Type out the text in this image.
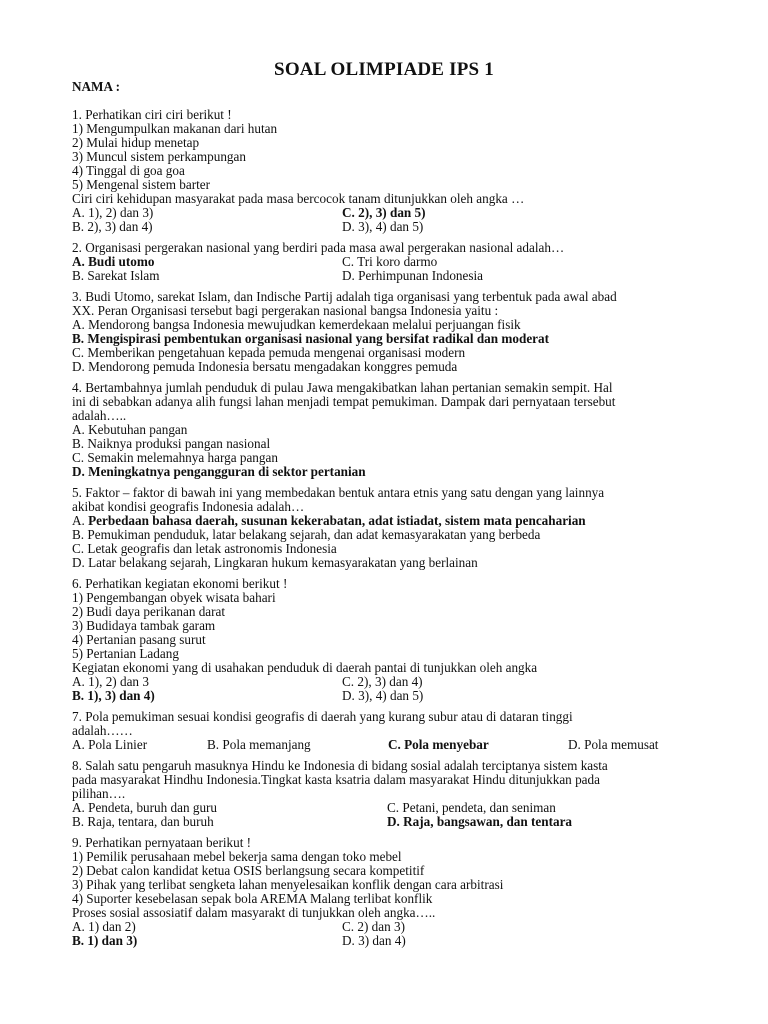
SOAL OLIMPIADE IPS 1
NAMA :
1. Perhatikan ciri ciri berikut !
1) Mengumpulkan makanan dari hutan
2) Mulai hidup menetap
3) Muncul sistem perkampungan
4) Tinggal di goa goa
5) Mengenal sistem barter
Ciri ciri kehidupan masyarakat pada masa bercocok tanam ditunjukkan oleh angka …
A. 1), 2) dan 3)	C. 2), 3) dan 5)
B. 2), 3) dan 4)	D. 3), 4) dan 5)
2. Organisasi pergerakan nasional yang berdiri pada masa awal pergerakan nasional adalah…
A. Budi utomo	C. Tri koro darmo
B. Sarekat Islam	D. Perhimpunan Indonesia
3. Budi Utomo, sarekat Islam, dan Indische Partij adalah tiga organisasi yang terbentuk pada awal abad
XX. Peran Organisasi tersebut bagi pergerakan nasional bangsa Indonesia yaitu :
A. Mendorong bangsa Indonesia mewujudkan kemerdekaan melalui perjuangan fisik
B. Mengispirasi pembentukan organisasi nasional yang bersifat radikal dan moderat
C. Memberikan pengetahuan kepada pemuda mengenai organisasi modern
D. Mendorong pemuda Indonesia bersatu mengadakan konggres pemuda
4. Bertambahnya jumlah penduduk di pulau Jawa mengakibatkan lahan pertanian semakin sempit. Hal
ini di sebabkan adanya alih fungsi lahan menjadi tempat pemukiman. Dampak dari pernyataan tersebut
adalah…..
A. Kebutuhan pangan
B. Naiknya produksi pangan nasional
C. Semakin melemahnya harga pangan
D. Meningkatnya pengangguran di sektor pertanian
5. Faktor – faktor di bawah ini yang membedakan bentuk antara etnis yang satu dengan yang lainnya
akibat kondisi geografis Indonesia adalah…
A. Perbedaan bahasa daerah, susunan kekerabatan, adat istiadat, sistem mata pencaharian
B. Pemukiman penduduk, latar belakang sejarah, dan adat kemasyarakatan yang berbeda
C. Letak geografis dan letak astronomis Indonesia
D. Latar belakang sejarah, Lingkaran hukum kemasyarakatan yang berlainan
6. Perhatikan kegiatan ekonomi berikut !
1) Pengembangan obyek wisata bahari
2) Budi daya perikanan darat
3) Budidaya tambak garam
4) Pertanian pasang surut
5) Pertanian Ladang
Kegiatan ekonomi yang di usahakan penduduk di daerah pantai di tunjukkan oleh angka
A. 1), 2) dan 3	C. 2), 3) dan 4)
B. 1), 3) dan 4)	D. 3), 4) dan 5)
7. Pola pemukiman sesuai kondisi geografis di daerah yang kurang subur atau di dataran tinggi
adalah……
A. Pola Linier	B. Pola memanjang	C. Pola menyebar	D. Pola memusat
8. Salah satu pengaruh masuknya Hindu ke Indonesia di bidang sosial adalah terciptanya sistem kasta
pada masyarakat Hindhu Indonesia.Tingkat kasta ksatria dalam masyarakat Hindu ditunjukkan pada
pilihan….
A. Pendeta, buruh dan guru	C. Petani, pendeta, dan seniman
B. Raja, tentara, dan buruh	D. Raja, bangsawan, dan tentara
9. Perhatikan pernyataan berikut !
1) Pemilik perusahaan mebel bekerja sama dengan toko mebel
2) Debat calon kandidat ketua OSIS berlangsung secara kompetitif
3) Pihak yang terlibat sengketa lahan menyelesaikan konflik dengan cara arbitrasi
4) Suporter kesebelasan sepak bola AREMA Malang terlibat konflik
Proses sosial assosiatif dalam masyarakt di tunjukkan oleh angka…..
A. 1) dan 2)	C. 2) dan 3)
B. 1) dan 3)	D. 3) dan 4)
